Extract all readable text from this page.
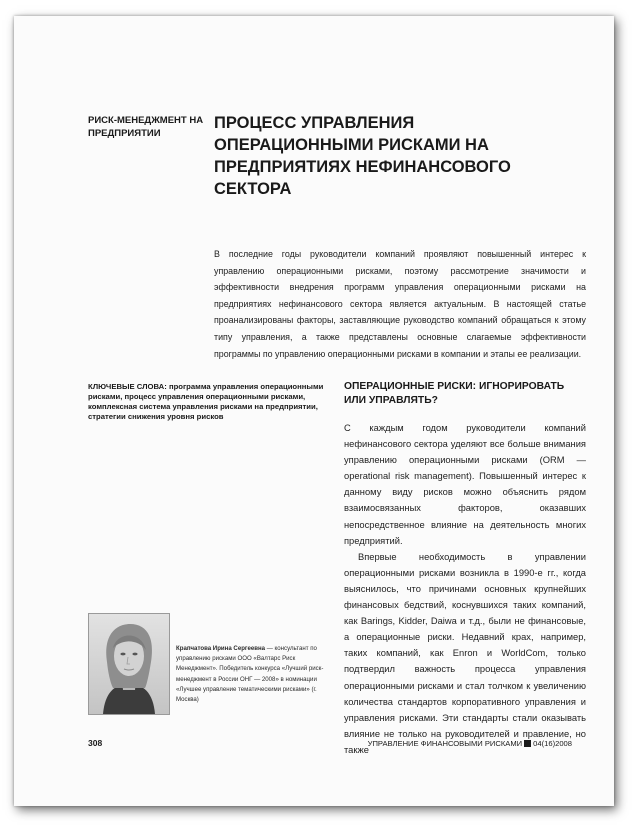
РИСК-МЕНЕДЖМЕНТ НА ПРЕДПРИЯТИИ
ПРОЦЕСС УПРАВЛЕНИЯ ОПЕРАЦИОННЫМИ РИСКАМИ НА ПРЕДПРИЯТИЯХ НЕФИНАНСОВОГО СЕКТОРА

В последние годы руководители компаний проявляют повышенный интерес к управлению операционными рисками, поэтому рассмотрение значимости и эффективности внедрения программ управления операционными рисками на предприятиях нефинансового сектора является актуальным. В настоящей статье проанализированы факторы, заставляющие руководство компаний обращаться к этому типу управления, а также представлены основные слагаемые эффективности программы по управлению операционными рисками в компании и этапы ее реализации.

КЛЮЧЕВЫЕ СЛОВА: программа управления операционными рисками, процесс управления операционными рисками, комплексная система управления рисками на предприятии, стратегии снижения уровня рисков
ОПЕРАЦИОННЫЕ РИСКИ: ИГНОРИРОВАТЬ ИЛИ УПРАВЛЯТЬ?

С каждым годом руководители компаний нефинансового сектора уделяют все больше внимания управлению операционными рисками (ORM — operational risk management). Повышенный интерес к данному виду рисков можно объяснить рядом взаимосвязанных факторов, оказавших непосредственное влияние на деятельность многих предприятий.

Впервые необходимость в управлении операционными рисками возникла в 1990-е гг., когда выяснилось, что причинами основных крупнейших финансовых бедствий, коснувшихся таких компаний, как Barings, Kidder, Daiwa и т.д., были не финансовые, а операционные риски. Недавний крах, например, таких компаний, как Enron и WorldCom, только подтвердил важность процесса управления операционными рисками и стал толчком к увеличению количества стандартов корпоративного управления и управления рисками. Эти стандарты стали оказывать влияние не только на руководителей и правление, но также

Крапчатова Ирина Сергеевна — консультант по управлению рисками ООО «Валтарс Риск Менеджмент». Победитель конкурса «Лучший риск-менеджмент в России ОНГ — 2008» в номинации «Лучшее управление тематическими рисками» (г. Москва)
308	УПРАВЛЕНИЕ ФИНАНСОВЫМИ РИСКАМИ 04(16)2008
